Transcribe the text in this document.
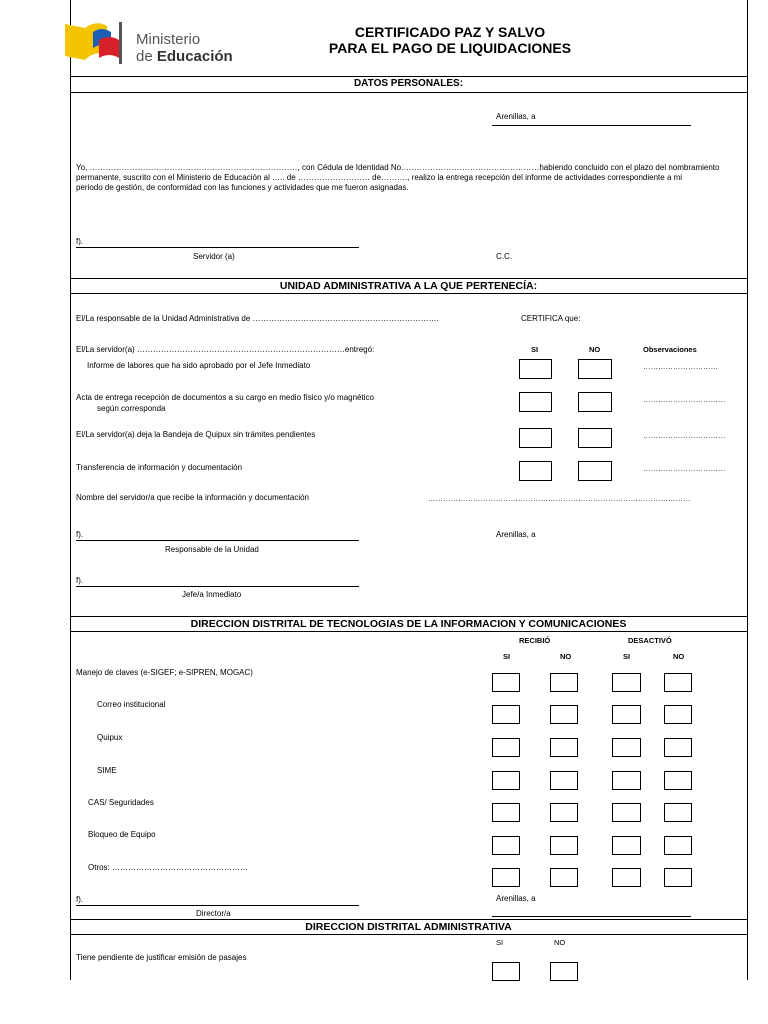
Ministerio
de Educación
CERTIFICADO PAZ Y SALVO
PARA EL PAGO DE LIQUIDACIONES
DATOS PERSONALES:
Arenillas, a
Yo, ……………………………………………………………………, con Cédula de Identidad No.……………………………………………habiendo concluido con el plazo del nombramiento
permanente, suscrito con el Ministerio de Educación al ….. de ……………………… de………., realizo la entrega recepción del informe de actividades correspondiente a mi
periodo de gestión, de conformidad con las funciones y actividades que me fueron asignadas.
f).
Servidor (a)	C.C.
UNIDAD ADMINISTRATIVA A LA QUE PERTENECÍA:
El/La responsable de la Unidad Administrativa de …………………………………………………………….	CERTIFICA que:
El/La servidor(a) ……………………………………………………………………entregó:	SI	NO	Observaciones
Informe de labores que ha sido aprobado por el Jefe Inmediato	…………………………
Acta de entrega recepción de documentos a su cargo en medio físico y/o magnético
según corresponda
……………………………
El/La servidor(a) deja la Bandeja de Quipux sin trámites pendientes	……………………………
Transferencia de información y documentación	……………………………
Nombre del servidor/a que recibe la información y documentación	……………………………………………………………………………………………
f).	Arenillas, a
Responsable de la Unidad
f).
Jefe/a Inmediato
DIRECCION DISTRITAL DE TECNOLOGIAS DE LA INFORMACION Y COMUNICACIONES
RECIBIÓ	DESACTIVÓ
SI	NO	SI	NO
Manejo de claves (e-SIGEF; e-SIPREN, MOGAC)
Correo institucional
Quipux
SIME
CAS/ Seguridades
Bloqueo de Equipo
Otros: ……………………………………………
f).	Arenillas, a
Director/a
DIRECCION DISTRITAL ADMINISTRATIVA
SI	NO
Tiene pendiente de justificar emisión de pasajes
